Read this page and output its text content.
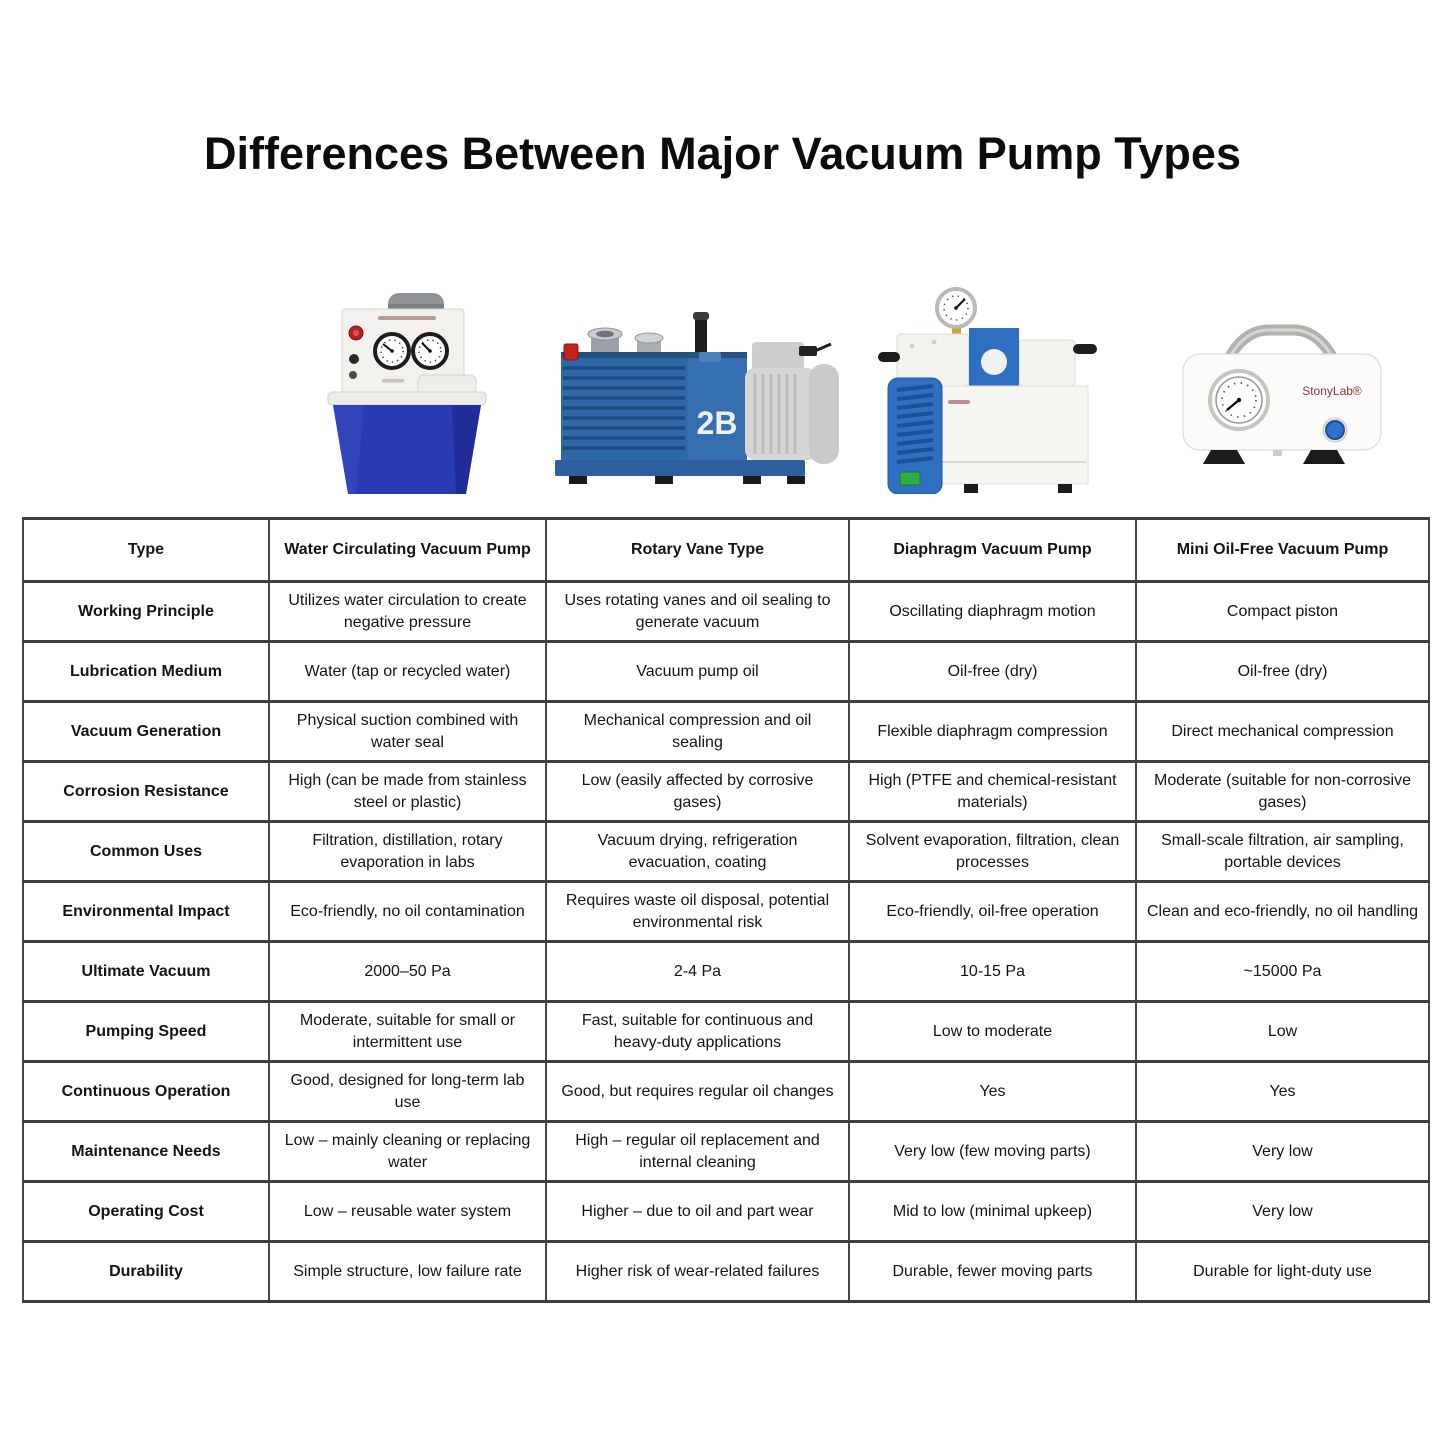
Differences Between Major Vacuum Pump Types
2B
StonyLab®
Type	Water Circulating Vacuum Pump	Rotary Vane Type	Diaphragm Vacuum Pump	Mini Oil-Free Vacuum Pump
Working Principle	Utilizes water circulation to create negative pressure	Uses rotating vanes and oil sealing to generate vacuum	Oscillating diaphragm motion	Compact piston
Lubrication Medium	Water (tap or recycled water)	Vacuum pump oil	Oil-free (dry)	Oil-free (dry)
Vacuum Generation	Physical suction combined with water seal	Mechanical compression and oil sealing	Flexible diaphragm compression	Direct mechanical compression
Corrosion Resistance	High (can be made from stainless steel or plastic)	Low (easily affected by corrosive gases)	High (PTFE and chemical-resistant materials)	Moderate (suitable for non-corrosive gases)
Common Uses	Filtration, distillation, rotary evaporation in labs	Vacuum drying, refrigeration evacuation, coating	Solvent evaporation, filtration, clean processes	Small-scale filtration, air sampling, portable devices
Environmental Impact	Eco-friendly, no oil contamination	Requires waste oil disposal, potential environmental risk	Eco-friendly, oil-free operation	Clean and eco-friendly, no oil handling
Ultimate Vacuum	2000–50 Pa	2-4 Pa	10-15 Pa	~15000 Pa
Pumping Speed	Moderate, suitable for small or intermittent use	Fast, suitable for continuous and heavy-duty applications	Low to moderate	Low
Continuous Operation	Good, designed for long-term lab use	Good, but requires regular oil changes	Yes	Yes
Maintenance Needs	Low – mainly cleaning or replacing water	High – regular oil replacement and internal cleaning	Very low (few moving parts)	Very low
Operating Cost	Low – reusable water system	Higher – due to oil and part wear	Mid to low (minimal upkeep)	Very low
Durability	Simple structure, low failure rate	Higher risk of wear-related failures	Durable, fewer moving parts	Durable for light-duty use
